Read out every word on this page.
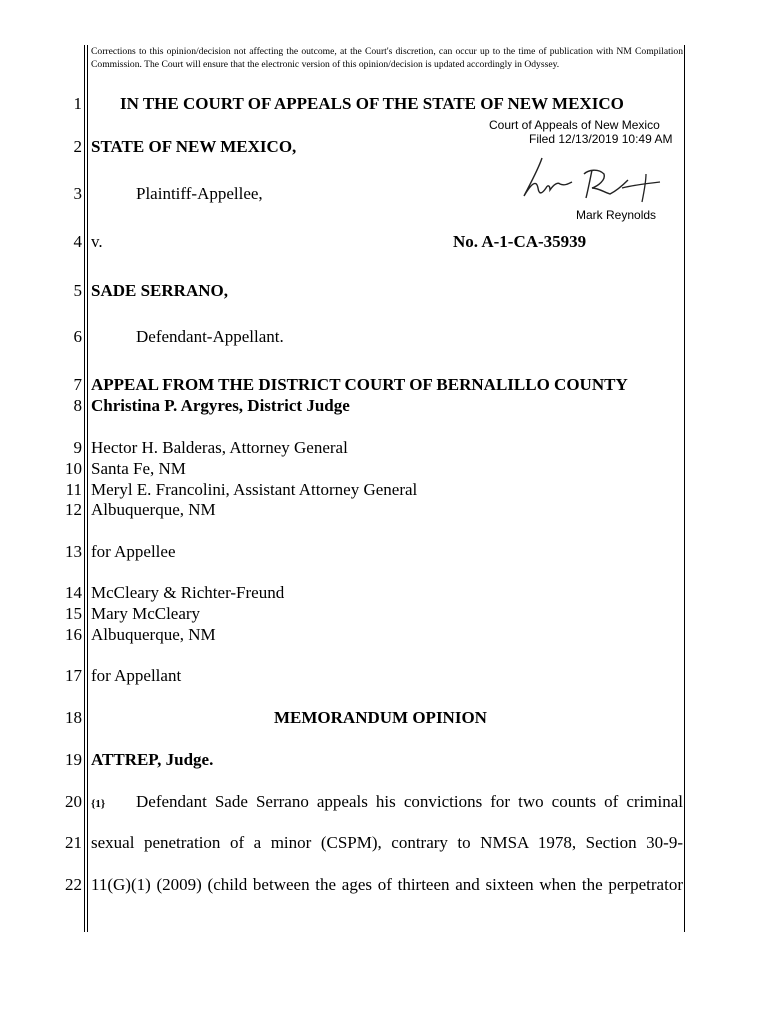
Corrections to this opinion/decision not affecting the outcome, at the Court's discretion, can occur up to the time of publication with NM Compilation Commission. The Court will ensure that the electronic version of this opinion/decision is updated accordingly in Odyssey.
1
2
3
4
5
6
7
8
9
10
11
12
13
14
15
16
17
18
19
20
21
22
IN THE COURT OF APPEALS OF THE STATE OF NEW MEXICO
Court of Appeals of New Mexico
Filed 12/13/2019 10:49 AM
Mark Reynolds
STATE OF NEW MEXICO,
Plaintiff-Appellee,
v.	No. A-1-CA-35939
SADE SERRANO,
Defendant-Appellant.
APPEAL FROM THE DISTRICT COURT OF BERNALILLO COUNTY
Christina P. Argyres, District Judge
Hector H. Balderas, Attorney General
Santa Fe, NM
Meryl E. Francolini, Assistant Attorney General
Albuquerque, NM
for Appellee
McCleary & Richter-Freund
Mary McCleary
Albuquerque, NM
for Appellant
MEMORANDUM OPINION
ATTREP, Judge.
{1} Defendant Sade Serrano appeals his convictions for two counts of criminal
sexual penetration of a minor (CSPM), contrary to NMSA 1978, Section 30-9-
11(G)(1) (2009) (child between the ages of thirteen and sixteen when the perpetrator
